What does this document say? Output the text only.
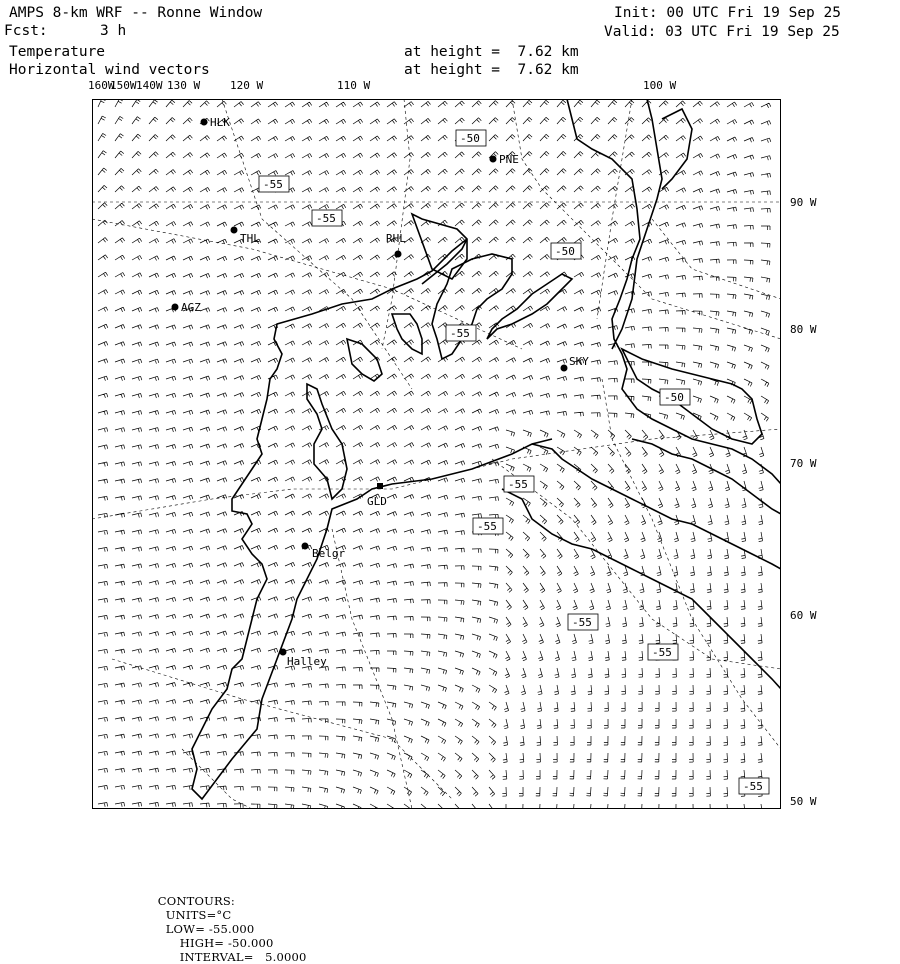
AMPS 8-km WRF -- Ronne Window
Fcst:	3 h
Temperature
Horizontal wind vectors
at height =  7.62 km
at height =  7.62 km
Init: 00 UTC Fri 19 Sep 25
Valid: 03 UTC Fri 19 Sep 25
160W
150W 140W 130 W	120 W	110 W	100 W
90 W
80 W
70 W
60 W
50 W
-50
-55
-55
-50
-55
-50
-55
-55
-55
-55
-55
HLK
PNE
THL	RHL
AGZ
SKY
GLD
Belgr
Halley

CONTOURS:
UNITS=°C
LOW= -55.000
HIGH= -50.000
INTERVAL=   5.0000
